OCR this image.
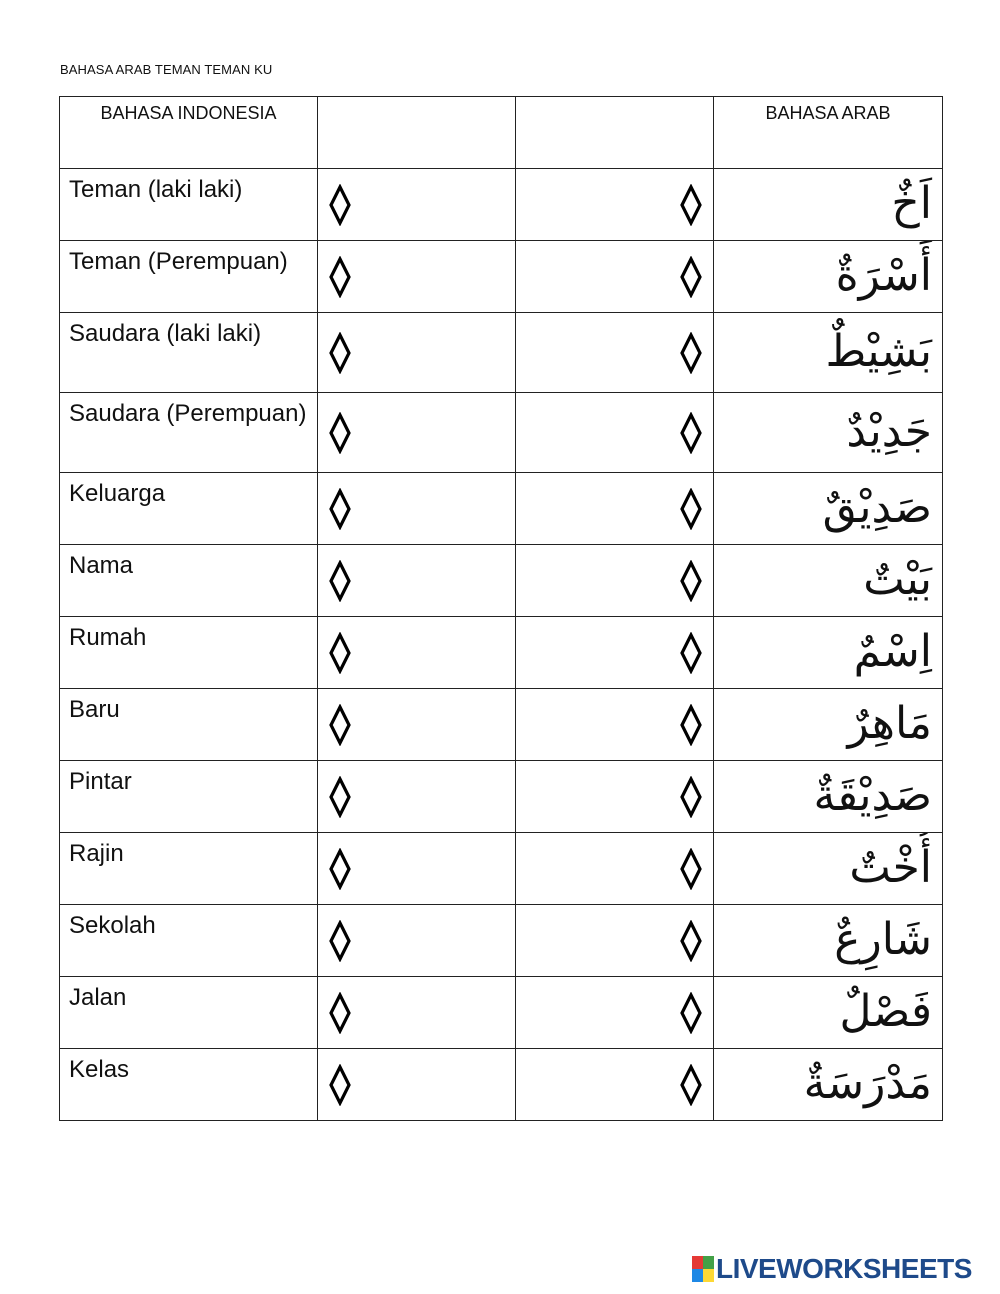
BAHASA ARAB TEMAN TEMAN KU
BAHASA INDONESIA			BAHASA ARAB
Teman (laki laki)			اَخٌ
Teman (Perempuan)			أَسْرَةٌ
Saudara (laki laki)			بَشِيْطٌ
Saudara (Perempuan)			جَدِيْدٌ
Keluarga			صَدِيْقٌ
Nama			بَيْتٌ
Rumah			اِسْمٌ
Baru			مَاهِرٌ
Pintar			صَدِيْقَةٌ
Rajin			أُخْتٌ
Sekolah			شَارِعٌ
Jalan			فَصْلٌ
Kelas			مَدْرَسَةٌ
LIVEWORKSHEETS
